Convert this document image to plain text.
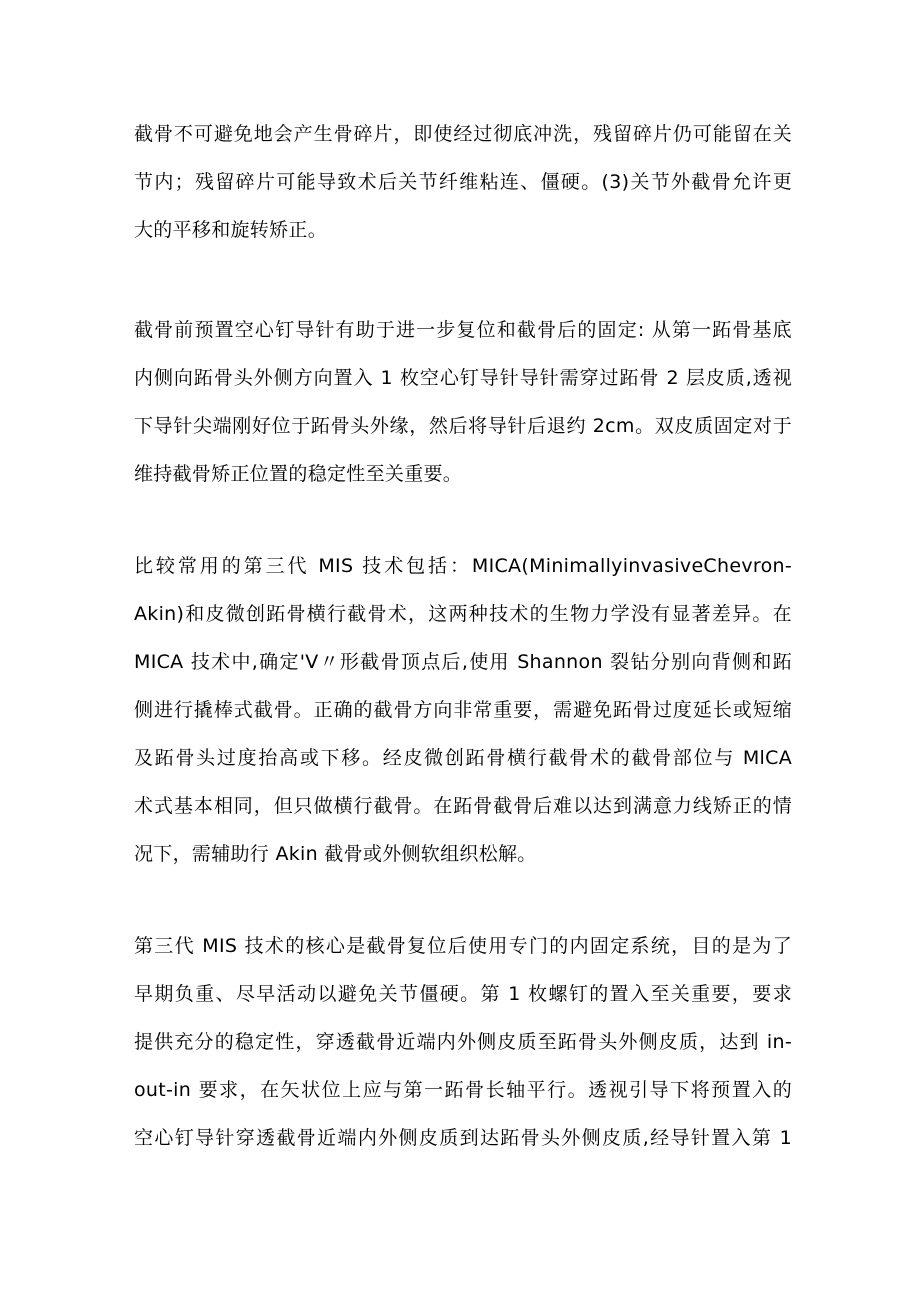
截骨不可避免地会产生骨碎片，即使经过彻底冲洗，残留碎片仍可能留在关
节内；残留碎片可能导致术后关节纤维粘连、僵硬。(3)关节外截骨允许更
大的平移和旋转矫正。
截骨前预置空心钉导针有助于进一步复位和截骨后的固定: 从第一跖骨基底
内侧向跖骨头外侧方向置入 1 枚空心钉导针导针需穿过跖骨 2 层皮质,透视
下导针尖端刚好位于跖骨头外缘，然后将导针后退约 2cm。双皮质固定对于
维持截骨矫正位置的稳定性至关重要。
比较常用的第三代 MIS 技术包括：MICA(MinimallyinvasiveChevron-
Akin)和皮微创跖骨横行截骨术，这两种技术的生物力学没有显著差异。在
MICA 技术中,确定'V〃形截骨顶点后,使用 Shannon 裂钻分别向背侧和跖
侧进行撬棒式截骨。正确的截骨方向非常重要，需避免跖骨过度延长或短缩
及跖骨头过度抬高或下移。经皮微创跖骨横行截骨术的截骨部位与 MlCA
术式基本相同，但只做横行截骨。在跖骨截骨后难以达到满意力线矫正的情
况下，需辅助行 Akin 截骨或外侧软组织松解。
第三代 MIS 技术的核心是截骨复位后使用专门的内固定系统，目的是为了
早期负重、尽早活动以避免关节僵硬。第 1 枚螺钉的置入至关重要，要求
提供充分的稳定性，穿透截骨近端内外侧皮质至跖骨头外侧皮质，达到 in-
out-in 要求，在矢状位上应与第一跖骨长轴平行。透视引导下将预置入的
空心钉导针穿透截骨近端内外侧皮质到达跖骨头外侧皮质,经导针置入第 1
